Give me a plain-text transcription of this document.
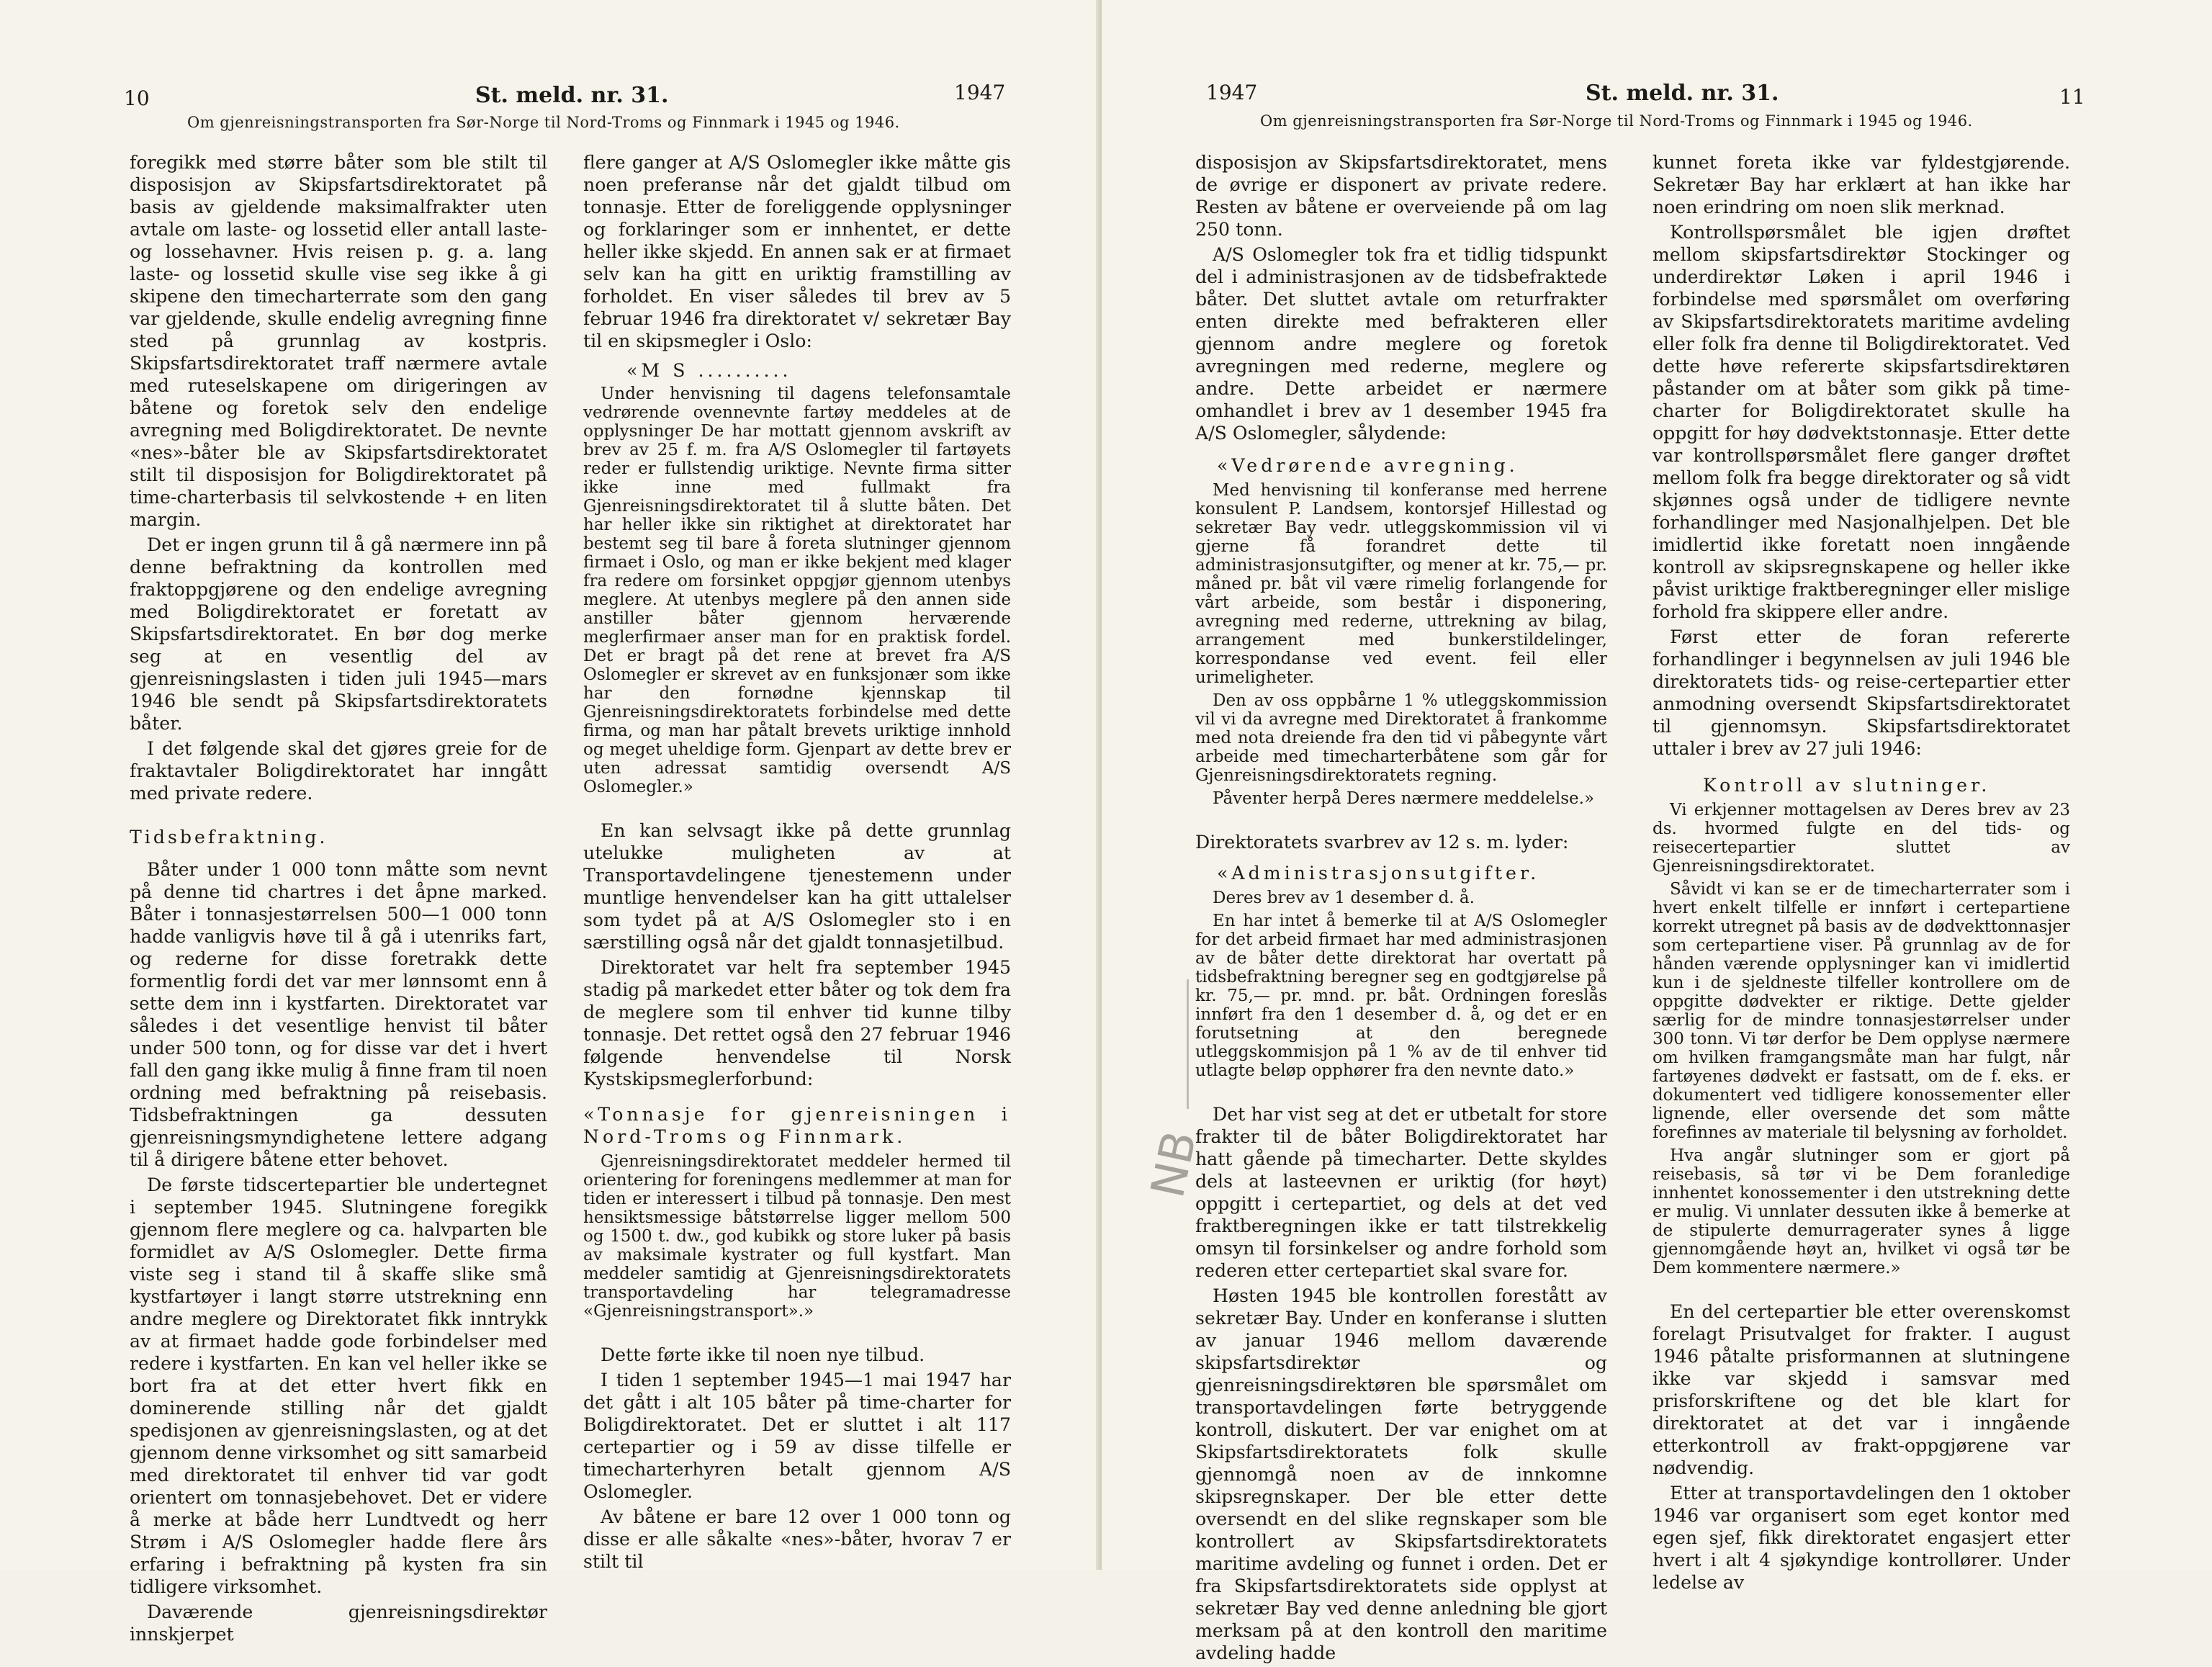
10	St. meld. nr. 31.	1947
Om gjenreisningstransporten fra Sør-Norge til Nord-Troms og Finnmark i 1945 og 1946.

foregikk med større båter som ble stilt til disposisjon av Skipsfartsdirektoratet på basis av gjeldende maksimalfrakter uten avtale om laste- og lossetid eller antall laste- og lossehavner. Hvis reisen p. g. a. lang laste- og lossetid skulle vise seg ikke å gi skipene den timecharterrate som den gang var gjeldende, skulle endelig avregning finne sted på grunnlag av kostpris. Skipsfartsdirektoratet traff nærmere avtale med ruteselskapene om dirigeringen av båtene og foretok selv den endelige avregning med Boligdirektoratet. De nevnte «nes»-båter ble av Skipsfartsdirektoratet stilt til disposisjon for Boligdirektoratet på time-charterbasis til selvkostende + en liten margin.

Det er ingen grunn til å gå nærmere inn på denne befraktning da kontrollen med fraktoppgjørene og den endelige avregning med Boligdirektoratet er foretatt av Skipsfartsdirektoratet. En bør dog merke seg at en vesentlig del av gjenreisningslasten i tiden juli 1945—mars 1946 ble sendt på Skipsfartsdirektoratets båter.

I det følgende skal det gjøres greie for de fraktavtaler Boligdirektoratet har inngått med private redere.

Tidsbefraktning.

Båter under 1 000 tonn måtte som nevnt på denne tid chartres i det åpne marked. Båter i tonnasjestørrelsen 500—1 000 tonn hadde vanligvis høve til å gå i utenriks fart, og rederne for disse foretrakk dette formentlig fordi det var mer lønnsomt enn å sette dem inn i kystfarten. Direktoratet var således i det vesentlige henvist til båter under 500 tonn, og for disse var det i hvert fall den gang ikke mulig å finne fram til noen ordning med befraktning på reisebasis. Tidsbefraktningen ga dessuten gjenreisningsmyndighetene lettere adgang til å dirigere båtene etter behovet.

De første tidscertepartier ble undertegnet i september 1945. Slutningene foregikk gjennom flere meglere og ca. halvparten ble formidlet av A/S Oslomegler. Dette firma viste seg i stand til å skaffe slike små kystfartøyer i langt større utstrekning enn andre meglere og Direktoratet fikk inntrykk av at firmaet hadde gode forbindelser med redere i kystfarten. En kan vel heller ikke se bort fra at det etter hvert fikk en dominerende stilling når det gjaldt spedisjonen av gjenreisningslasten, og at det gjennom denne virksomhet og sitt samarbeid med direktoratet til enhver tid var godt orientert om tonnasjebehovet. Det er videre å merke at både herr Lundtvedt og herr Strøm i A/S Oslomegler hadde flere års erfaring i befraktning på kysten fra sin tidligere virksomhet.

Daværende gjenreisningsdirektør innskjerpet

flere ganger at A/S Oslomegler ikke måtte gis noen preferanse når det gjaldt tilbud om tonnasje. Etter de foreliggende opplysninger og forklaringer som er innhentet, er dette heller ikke skjedd. En annen sak er at firmaet selv kan ha gitt en uriktig framstilling av forholdet. En viser således til brev av 5 februar 1946 fra direktoratet v/ sekretær Bay til en skipsmegler i Oslo:

«M S ..........

Under henvisning til dagens telefonsamtale vedrørende ovennevnte fartøy meddeles at de opplysninger De har mottatt gjennom avskrift av brev av 25 f. m. fra A/S Oslomegler til fartøyets reder er fullstendig uriktige. Nevnte firma sitter ikke inne med fullmakt fra Gjenreisningsdirektoratet til å slutte båten. Det har heller ikke sin riktighet at direktoratet har bestemt seg til bare å foreta slutninger gjennom firmaet i Oslo, og man er ikke bekjent med klager fra redere om forsinket oppgjør gjennom utenbys meglere. At utenbys meglere på den annen side anstiller båter gjennom herværende meglerfirmaer anser man for en praktisk fordel. Det er bragt på det rene at brevet fra A/S Oslomegler er skrevet av en funksjonær som ikke har den fornødne kjennskap til Gjenreisningsdirektoratets forbindelse med dette firma, og man har påtalt brevets uriktige innhold og meget uheldige form. Gjenpart av dette brev er uten adressat samtidig oversendt A/S Oslomegler.»

En kan selvsagt ikke på dette grunnlag utelukke muligheten av at Transportavdelingene tjenestemenn under muntlige henvendelser kan ha gitt uttalelser som tydet på at A/S Oslomegler sto i en særstilling også når det gjaldt tonnasjetilbud.

Direktoratet var helt fra september 1945 stadig på markedet etter båter og tok dem fra de meglere som til enhver tid kunne tilby tonnasje. Det rettet også den 27 februar 1946 følgende henvendelse til Norsk Kystskipsmeglerforbund:

«Tonnasje for gjenreisningen i Nord-Troms og Finnmark.

Gjenreisningsdirektoratet meddeler hermed til orientering for foreningens medlemmer at man for tiden er interessert i tilbud på tonnasje. Den mest hensiktsmessige båtstørrelse ligger mellom 500 og 1500 t. dw., god kubikk og store luker på basis av maksimale kystrater og full kystfart. Man meddeler samtidig at Gjenreisningsdirektoratets transportavdeling har telegramadresse «Gjenreisningstransport».»

Dette førte ikke til noen nye tilbud.

I tiden 1 september 1945—1 mai 1947 har det gått i alt 105 båter på time-charter for Boligdirektoratet. Det er sluttet i alt 117 certepartier og i 59 av disse tilfelle er timecharterhyren betalt gjennom A/S Oslomegler.

Av båtene er bare 12 over 1 000 tonn og disse er alle såkalte «nes»-båter, hvorav 7 er stilt til

1947	St. meld. nr. 31.	11
Om gjenreisningstransporten fra Sør-Norge til Nord-Troms og Finnmark i 1945 og 1946.

disposisjon av Skipsfartsdirektoratet, mens de øvrige er disponert av private redere. Resten av båtene er overveiende på om lag 250 tonn.

A/S Oslomegler tok fra et tidlig tidspunkt del i administrasjonen av de tidsbefraktede båter. Det sluttet avtale om returfrakter enten direkte med befrakteren eller gjennom andre meglere og foretok avregningen med rederne, meglere og andre. Dette arbeidet er nærmere omhandlet i brev av 1 desember 1945 fra A/S Oslomegler, sålydende:

«Vedrørende avregning.

Med henvisning til konferanse med herrene konsulent P. Landsem, kontorsjef Hillestad og sekretær Bay vedr. utleggskommission vil vi gjerne få forandret dette til administrasjonsutgifter, og mener at kr. 75,— pr. måned pr. båt vil være rimelig forlangende for vårt arbeide, som består i disponering, avregning med rederne, uttrekning av bilag, arrangement med bunkerstildelinger, korrespondanse ved event. feil eller urimeligheter.

Den av oss oppbårne 1 % utleggskommission vil vi da avregne med Direktoratet å frankomme med nota dreiende fra den tid vi påbegynte vårt arbeide med timecharterbåtene som går for Gjenreisningsdirektoratets regning.

Påventer herpå Deres nærmere meddelelse.»

Direktoratets svarbrev av 12 s. m. lyder:

«Administrasjonsutgifter.

Deres brev av 1 desember d. å.

En har intet å bemerke til at A/S Oslomegler for det arbeid firmaet har med administrasjonen av de båter dette direktorat har overtatt på tidsbefraktning beregner seg en godtgjørelse på kr. 75,— pr. mnd. pr. båt. Ordningen foreslås innført fra den 1 desember d. å, og det er en forutsetning at den beregnede utleggskommisjon på 1 % av de til enhver tid utlagte beløp opphører fra den nevnte dato.»

Det har vist seg at det er utbetalt for store frakter til de båter Boligdirektoratet har hatt gående på timecharter. Dette skyldes dels at lasteevnen er uriktig (for høyt) oppgitt i certepartiet, og dels at det ved fraktberegningen ikke er tatt tilstrekkelig omsyn til forsinkelser og andre forhold som rederen etter certepartiet skal svare for.

Høsten 1945 ble kontrollen forestått av sekretær Bay. Under en konferanse i slutten av januar 1946 mellom daværende skipsfartsdirektør og gjenreisningsdirektøren ble spørsmålet om transportavdelingen førte betryggende kontroll, diskutert. Der var enighet om at Skipsfartsdirektoratets folk skulle gjennomgå noen av de innkomne skipsregnskaper. Der ble etter dette oversendt en del slike regnskaper som ble kontrollert av Skipsfartsdirektoratets maritime avdeling og funnet i orden. Det er fra Skipsfartsdirektoratets side opplyst at sekretær Bay ved denne anledning ble gjort merksam på at den kontroll den maritime avdeling hadde

kunnet foreta ikke var fyldestgjørende. Sekretær Bay har erklært at han ikke har noen erindring om noen slik merknad.

Kontrollspørsmålet ble igjen drøftet mellom skipsfartsdirektør Stockinger og underdirektør Løken i april 1946 i forbindelse med spørsmålet om overføring av Skipsfartsdirektoratets maritime avdeling eller folk fra denne til Boligdirektoratet. Ved dette høve refererte skipsfartsdirektøren påstander om at båter som gikk på time-charter for Boligdirektoratet skulle ha oppgitt for høy dødvektstonnasje. Etter dette var kontrollspørsmålet flere ganger drøftet mellom folk fra begge direktorater og så vidt skjønnes også under de tidligere nevnte forhandlinger med Nasjonalhjelpen. Det ble imidlertid ikke foretatt noen inngående kontroll av skipsregnskapene og heller ikke påvist uriktige fraktberegninger eller mislige forhold fra skippere eller andre.

Først etter de foran refererte forhandlinger i begynnelsen av juli 1946 ble direktoratets tids- og reise-certepartier etter anmodning oversendt Skipsfartsdirektoratet til gjennomsyn. Skipsfartsdirektoratet uttaler i brev av 27 juli 1946:

Kontroll av slutninger.

Vi erkjenner mottagelsen av Deres brev av 23 ds. hvormed fulgte en del tids- og reisecertepartier sluttet av Gjenreisningsdirektoratet.

Såvidt vi kan se er de timecharterrater som i hvert enkelt tilfelle er innført i certepartiene korrekt utregnet på basis av de dødvekttonnasjer som certepartiene viser. På grunnlag av de for hånden værende opplysninger kan vi imidlertid kun i de sjeldneste tilfeller kontrollere om de oppgitte dødvekter er riktige. Dette gjelder særlig for de mindre tonnasjestørrelser under 300 tonn. Vi tør derfor be Dem opplyse nærmere om hvilken framgangsmåte man har fulgt, når fartøyenes dødvekt er fastsatt, om de f. eks. er dokumentert ved tidligere konossementer eller lignende, eller oversende det som måtte forefinnes av materiale til belysning av forholdet.

Hva angår slutninger som er gjort på reisebasis, så tør vi be Dem foranledige innhentet konossementer i den utstrekning dette er mulig. Vi unnlater dessuten ikke å bemerke at de stipulerte demurragerater synes å ligge gjennomgående høyt an, hvilket vi også tør be Dem kommentere nærmere.»

En del certepartier ble etter overenskomst forelagt Prisutvalget for frakter. I august 1946 påtalte prisformannen at slutningene ikke var skjedd i samsvar med prisforskriftene og det ble klart for direktoratet at det var i inngående etterkontroll av frakt-oppgjørene var nødvendig.

Etter at transportavdelingen den 1 oktober 1946 var organisert som eget kontor med egen sjef, fikk direktoratet engasjert etter hvert i alt 4 sjøkyndige kontrollører. Under ledelse av

NB
